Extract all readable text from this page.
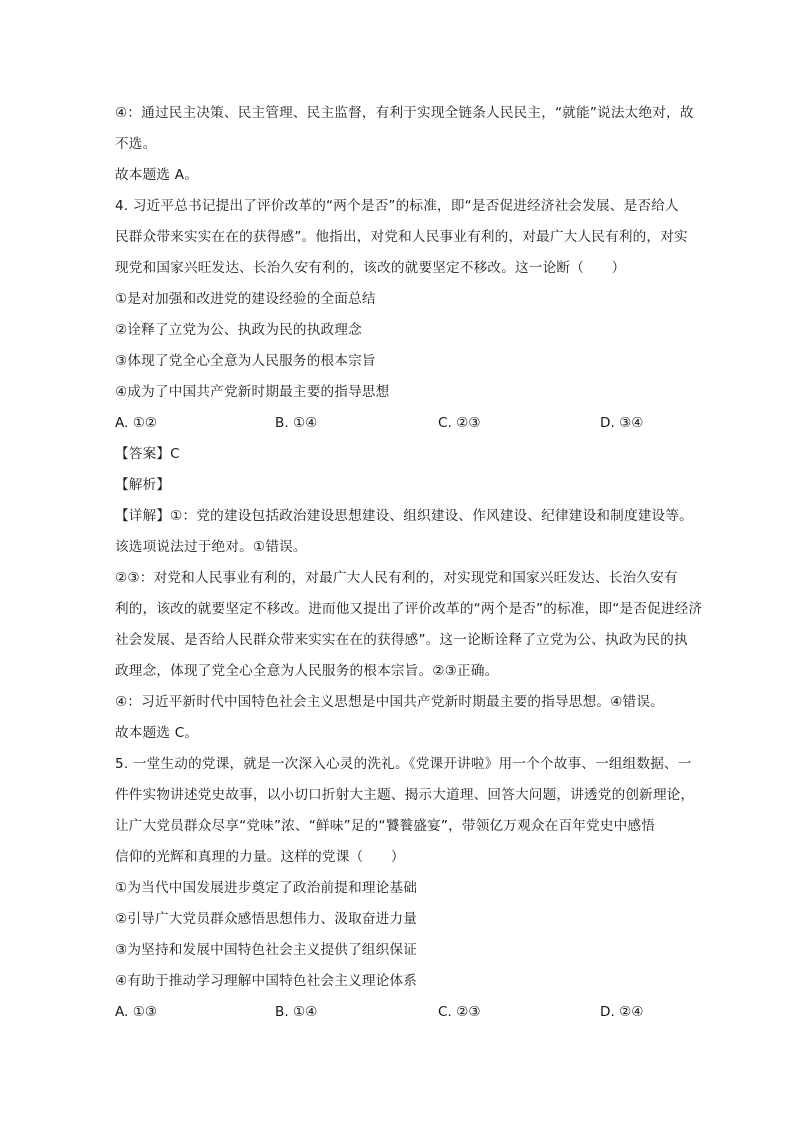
④：通过民主决策、民主管理、民主监督，有利于实现全链条人民民主，“就能”说法太绝对，故
不选。
故本题选 A。
4. 习近平总书记提出了评价改革的“两个是否”的标准，即“是否促进经济社会发展、是否给人
民群众带来实实在在的获得感”。他指出，对党和人民事业有利的，对最广大人民有利的，对实
现党和国家兴旺发达、长治久安有利的，该改的就要坚定不移改。这一论断（　　）
①是对加强和改进党的建设经验的全面总结
②诠释了立党为公、执政为民的执政理念
③体现了党全心全意为人民服务的根本宗旨
④成为了中国共产党新时期最主要的指导思想
A. ①②	B. ①④	C. ②③	D. ③④
【答案】C
【解析】
【详解】①：党的建设包括政治建设思想建设、组织建设、作风建设、纪律建设和制度建设等。
该选项说法过于绝对。①错误。
②③：对党和人民事业有利的，对最广大人民有利的，对实现党和国家兴旺发达、长治久安有
利的，该改的就要坚定不移改。进而他又提出了评价改革的“两个是否”的标准，即“是否促进经济
社会发展、是否给人民群众带来实实在在的获得感”。这一论断诠释了立党为公、执政为民的执
政理念，体现了党全心全意为人民服务的根本宗旨。②③正确。
④：习近平新时代中国特色社会主义思想是中国共产党新时期最主要的指导思想。④错误。
故本题选 C。
5. 一堂生动的党课，就是一次深入心灵的洗礼。《党课开讲啦》用一个个故事、一组组数据、一
件件实物讲述党史故事，以小切口折射大主题、揭示大道理、回答大问题，讲透党的创新理论，
让广大党员群众尽享“党味”浓、“鲜味”足的“饕餮盛宴”，带领亿万观众在百年党史中感悟
信仰的光辉和真理的力量。这样的党课（　　）
①为当代中国发展进步奠定了政治前提和理论基础
②引导广大党员群众感悟思想伟力、汲取奋进力量
③为坚持和发展中国特色社会主义提供了组织保证
④有助于推动学习理解中国特色社会主义理论体系
A. ①③	B. ①④	C. ②③	D. ②④
